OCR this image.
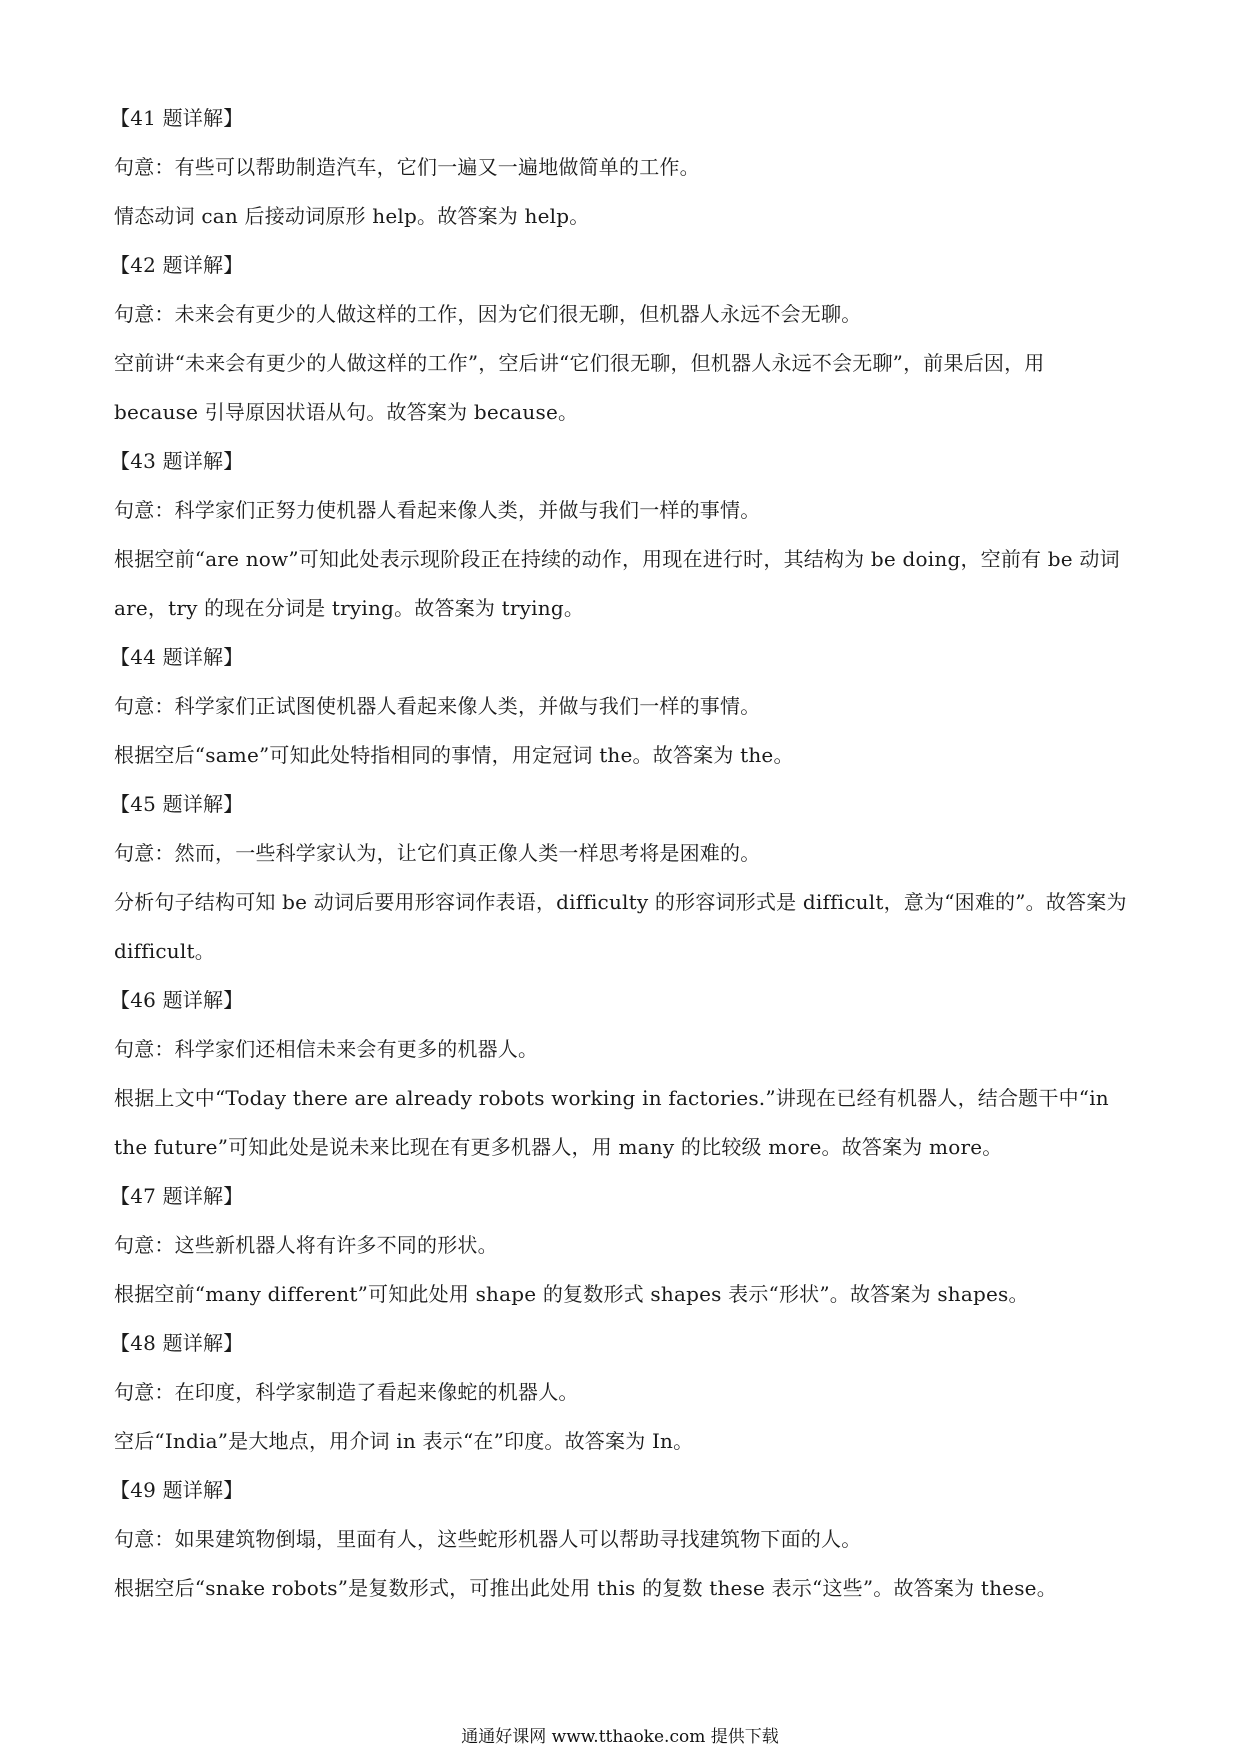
【41 题详解】

句意：有些可以帮助制造汽车，它们一遍又一遍地做简单的工作。

情态动词 can 后接动词原形 help。故答案为 help。

【42 题详解】

句意：未来会有更少的人做这样的工作，因为它们很无聊，但机器人永远不会无聊。

空前讲“未来会有更少的人做这样的工作”，空后讲“它们很无聊，但机器人永远不会无聊”，前果后因，用 because 引导原因状语从句。故答案为 because。

【43 题详解】

句意：科学家们正努力使机器人看起来像人类，并做与我们一样的事情。

根据空前“are now”可知此处表示现阶段正在持续的动作，用现在进行时，其结构为 be doing，空前有 be 动词 are，try 的现在分词是 trying。故答案为 trying。

【44 题详解】

句意：科学家们正试图使机器人看起来像人类，并做与我们一样的事情。

根据空后“same”可知此处特指相同的事情，用定冠词 the。故答案为 the。

【45 题详解】

句意：然而，一些科学家认为，让它们真正像人类一样思考将是困难的。

分析句子结构可知 be 动词后要用形容词作表语，difficulty 的形容词形式是 difficult，意为“困难的”。故答案为 difficult。

【46 题详解】

句意：科学家们还相信未来会有更多的机器人。

根据上文中“Today there are already robots working in factories.”讲现在已经有机器人，结合题干中“in the future”可知此处是说未来比现在有更多机器人，用 many 的比较级 more。故答案为 more。

【47 题详解】

句意：这些新机器人将有许多不同的形状。

根据空前“many different”可知此处用 shape 的复数形式 shapes 表示“形状”。故答案为 shapes。

【48 题详解】

句意：在印度，科学家制造了看起来像蛇的机器人。

空后“India”是大地点，用介词 in 表示“在”印度。故答案为 In。

【49 题详解】

句意：如果建筑物倒塌，里面有人，这些蛇形机器人可以帮助寻找建筑物下面的人。

根据空后“snake robots”是复数形式，可推出此处用 this 的复数 these 表示“这些”。故答案为 these。

通通好课网 www.tthaoke.com 提供下载
